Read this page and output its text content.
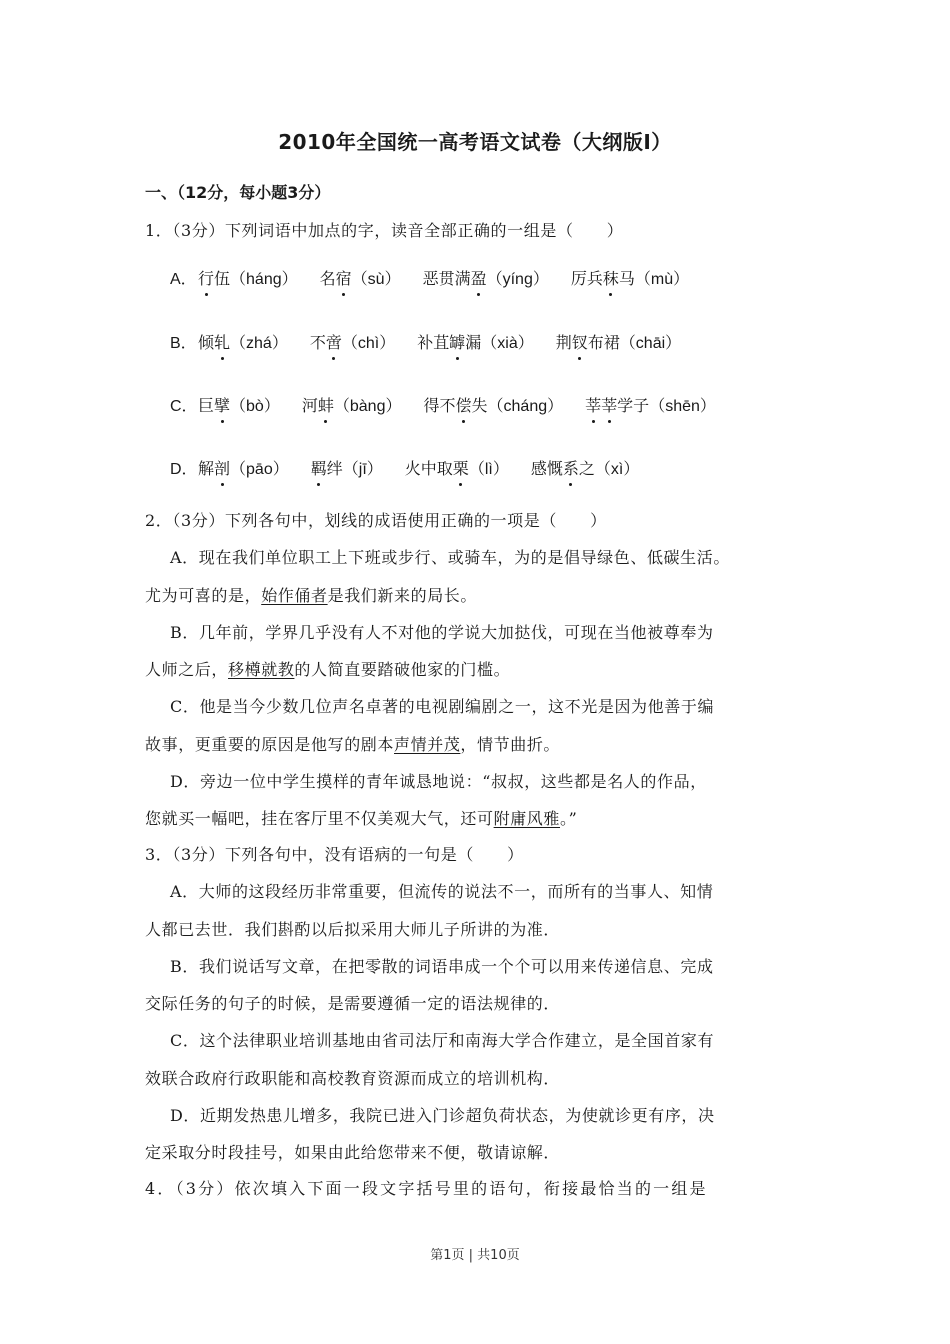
2010年全国统一高考语文试卷（大纲版Ⅰ）
一、（12分，每小题3分）
1．（3分）下列词语中加点的字，读音全部正确的一组是（　　）
A．行伍（háng） 名宿（sù） 恶贯满盈（yíng） 厉兵秣马（mù）
B．倾轧（zhá） 不啻（chì） 补苴罅漏（xià） 荆钗布裙（chāi）
C．巨擘（bò） 河蚌（bàng） 得不偿失（cháng） 莘莘学子（shēn）
D．解剖（pāo） 羁绊（jī） 火中取栗（lì） 感慨系之（xì）
2．（3分）下列各句中，划线的成语使用正确的一项是（　　）
A．现在我们单位职工上下班或步行、或骑车，为的是倡导绿色、低碳生活。
尤为可喜的是，始作俑者是我们新来的局长。
B．几年前，学界几乎没有人不对他的学说大加挞伐，可现在当他被尊奉为
人师之后，移樽就教的人简直要踏破他家的门槛。
C．他是当今少数几位声名卓著的电视剧编剧之一，这不光是因为他善于编
故事，更重要的原因是他写的剧本声情并茂，情节曲折。
D．旁边一位中学生摸样的青年诚恳地说：“叔叔，这些都是名人的作品，
您就买一幅吧，挂在客厅里不仅美观大气，还可附庸风雅。”
3．（3分）下列各句中，没有语病的一句是（　　）
A．大师的这段经历非常重要，但流传的说法不一，而所有的当事人、知情
人都已去世．我们斟酌以后拟采用大师儿子所讲的为准．
B．我们说话写文章，在把零散的词语串成一个个可以用来传递信息、完成
交际任务的句子的时候，是需要遵循一定的语法规律的．
C．这个法律职业培训基地由省司法厅和南海大学合作建立，是全国首家有
效联合政府行政职能和高校教育资源而成立的培训机构．
D．近期发热患儿增多，我院已进入门诊超负荷状态，为使就诊更有序，决
定采取分时段挂号，如果由此给您带来不便，敬请谅解．
4．（3分）依次填入下面一段文字括号里的语句，衔接最恰当的一组是
第1页 | 共10页
